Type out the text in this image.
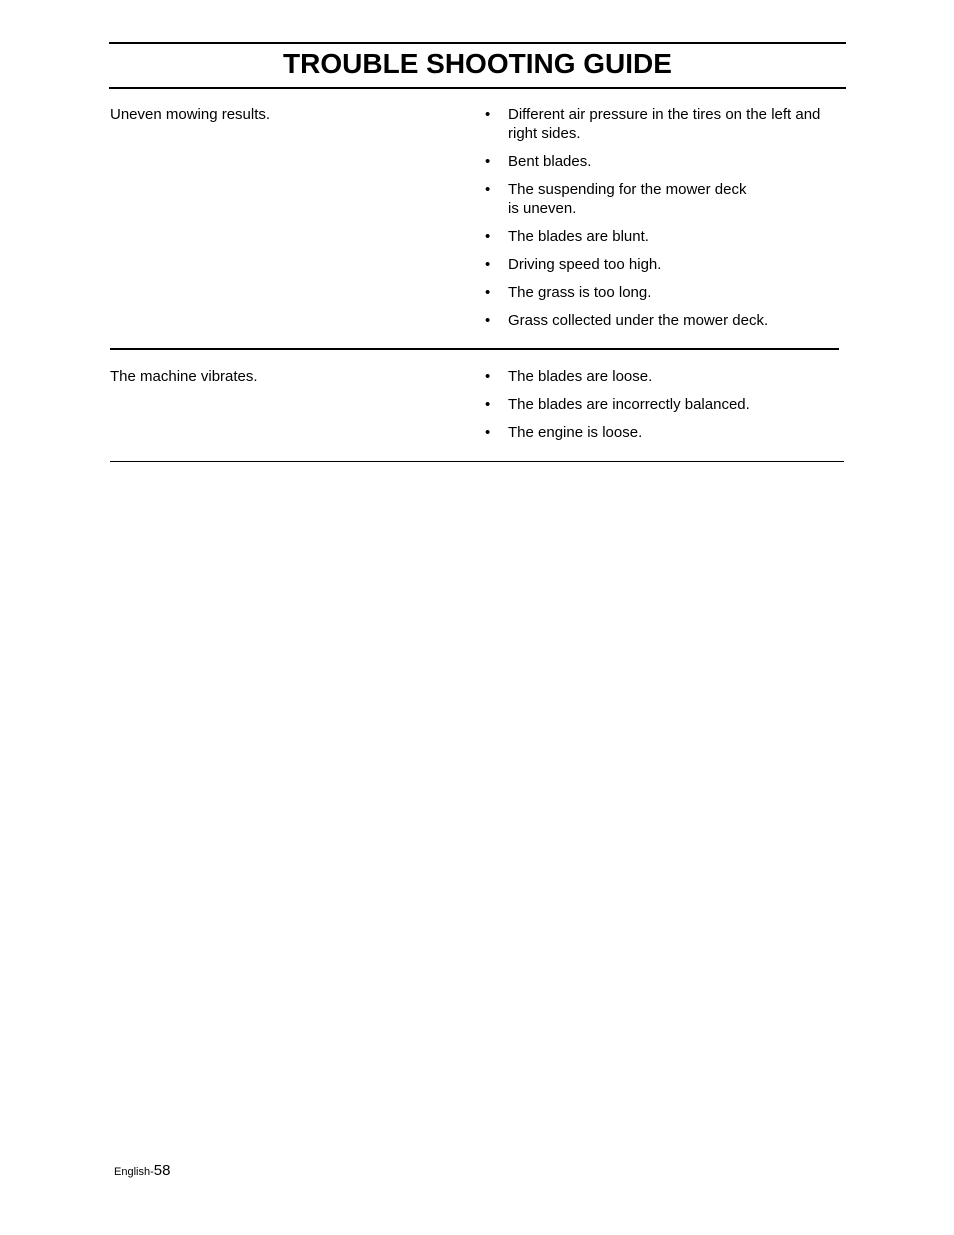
TROUBLE SHOOTING GUIDE

Uneven mowing results.	•	Different air pressure in the tires on the left and
right sides.
•	Bent blades.
•	The suspending for the mower deck
is uneven.
•	The blades are blunt.
•	Driving speed too high.
•	The grass is too long.
•	Grass collected under the mower deck.

The machine vibrates.	•	The blades are loose.
•	The blades are incorrectly balanced.
•	The engine is loose.
English-58
